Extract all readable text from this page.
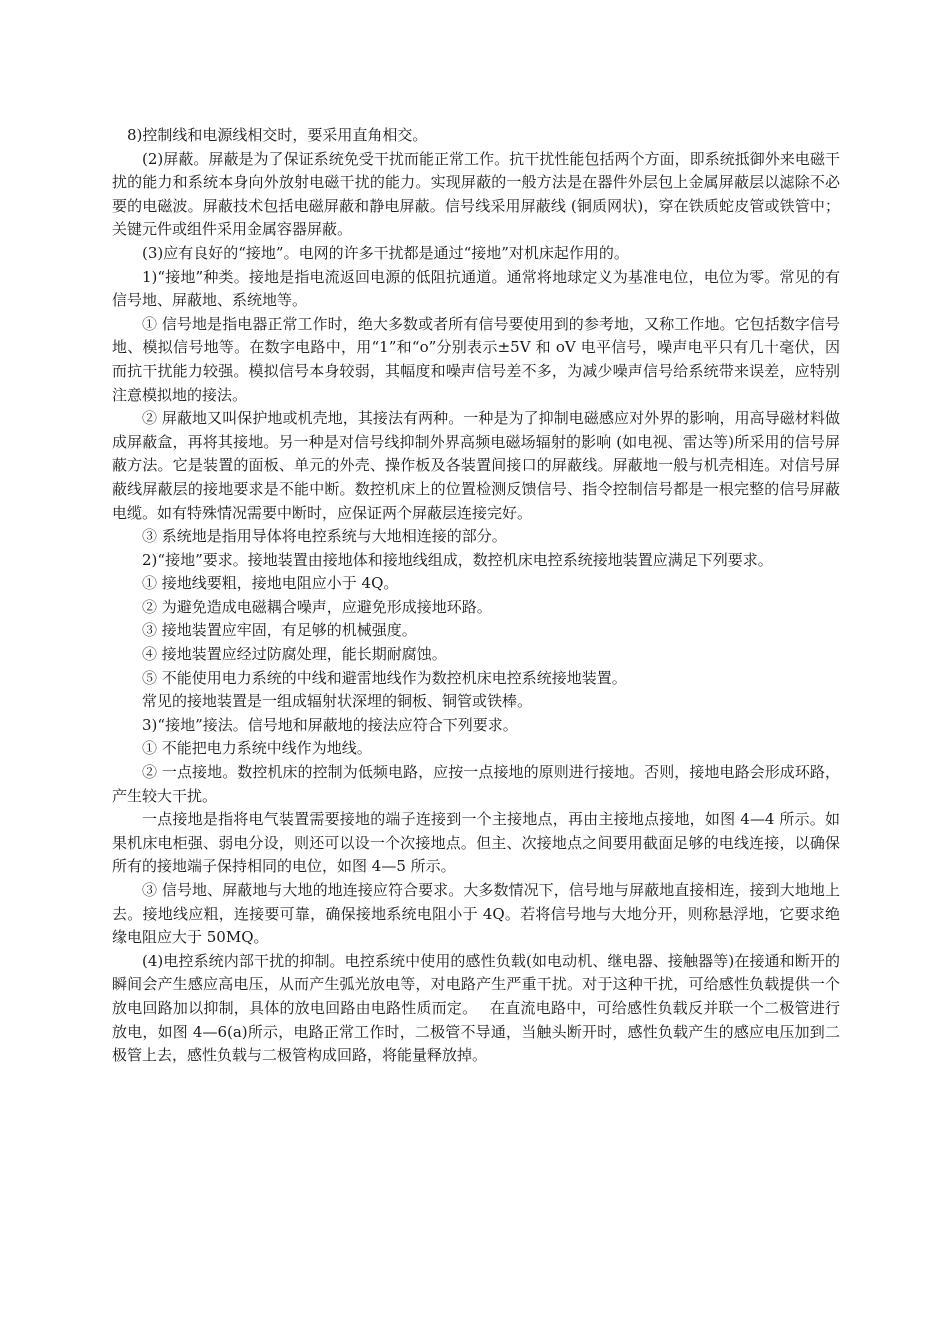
8)控制线和电源线相交时，要采用直角相交。

(2)屏蔽。屏蔽是为了保证系统免受干扰而能正常工作。抗干扰性能包括两个方面，即系统抵御外来电磁干扰的能力和系统本身向外放射电磁干扰的能力。实现屏蔽的一般方法是在器件外层包上金属屏蔽层以滤除不必要的电磁波。屏蔽技术包括电磁屏蔽和静电屏蔽。信号线采用屏蔽线 (铜质网状)，穿在铁质蛇皮管或铁管中；关键元件或组件采用金属容器屏蔽。

(3)应有良好的“接地”。电网的许多干扰都是通过“接地”对机床起作用的。

1)“接地”种类。接地是指电流返回电源的低阻抗通道。通常将地球定义为基准电位，电位为零。常见的有信号地、屏蔽地、系统地等。

① 信号地是指电器正常工作时，绝大多数或者所有信号要使用到的参考地，又称工作地。它包括数字信号地、模拟信号地等。在数字电路中，用“1”和“o”分别表示±5V 和 oV 电平信号，噪声电平只有几十毫伏，因而抗干扰能力较强。模拟信号本身较弱，其幅度和噪声信号差不多，为减少噪声信号给系统带来误差，应特别注意模拟地的接法。

② 屏蔽地又叫保护地或机壳地，其接法有两种。一种是为了抑制电磁感应对外界的影响，用高导磁材料做成屏蔽盒，再将其接地。另一种是对信号线抑制外界高频电磁场辐射的影响 (如电视、雷达等)所采用的信号屏蔽方法。它是装置的面板、单元的外壳、操作板及各装置间接口的屏蔽线。屏蔽地一般与机壳相连。对信号屏蔽线屏蔽层的接地要求是不能中断。数控机床上的位置检测反馈信号、指令控制信号都是一根完整的信号屏蔽电缆。如有特殊情况需要中断时，应保证两个屏蔽层连接完好。

③ 系统地是指用导体将电控系统与大地相连接的部分。

2)“接地”要求。接地装置由接地体和接地线组成，数控机床电控系统接地装置应满足下列要求。

① 接地线要粗，接地电阻应小于 4Q。

② 为避免造成电磁耦合噪声，应避免形成接地环路。

③ 接地装置应牢固，有足够的机械强度。

④ 接地装置应经过防腐处理，能长期耐腐蚀。

⑤ 不能使用电力系统的中线和避雷地线作为数控机床电控系统接地装置。

常见的接地装置是一组成辐射状深埋的铜板、铜管或铁棒。

3)“接地”接法。信号地和屏蔽地的接法应符合下列要求。

① 不能把电力系统中线作为地线。

② 一点接地。数控机床的控制为低频电路，应按一点接地的原则进行接地。否则，接地电路会形成环路，产生较大干扰。

一点接地是指将电气装置需要接地的端子连接到一个主接地点，再由主接地点接地，如图 4—4 所示。如果机床电柜强、弱电分设，则还可以设一个次接地点。但主、次接地点之间要用截面足够的电线连接，以确保所有的接地端子保持相同的电位，如图 4—5 所示。

③ 信号地、屏蔽地与大地的地连接应符合要求。大多数情况下，信号地与屏蔽地直接相连，接到大地地上去。接地线应粗，连接要可靠，确保接地系统电阻小于 4Q。若将信号地与大地分开，则称悬浮地，它要求绝缘电阻应大于 50MQ。

(4)电控系统内部干扰的抑制。电控系统中使用的感性负载(如电动机、继电器、接触器等)在接通和断开的瞬间会产生感应高电压，从而产生弧光放电等，对电路产生严重干扰。对于这种干扰，可给感性负载提供一个放电回路加以抑制，具体的放电回路由电路性质而定。　 在直流电路中，可给感性负载反并联一个二极管进行放电，如图 4—6(a)所示，电路正常工作时，二极管不导通，当触头断开时，感性负载产生的感应电压加到二极管上去，感性负载与二极管构成回路，将能量释放掉。
